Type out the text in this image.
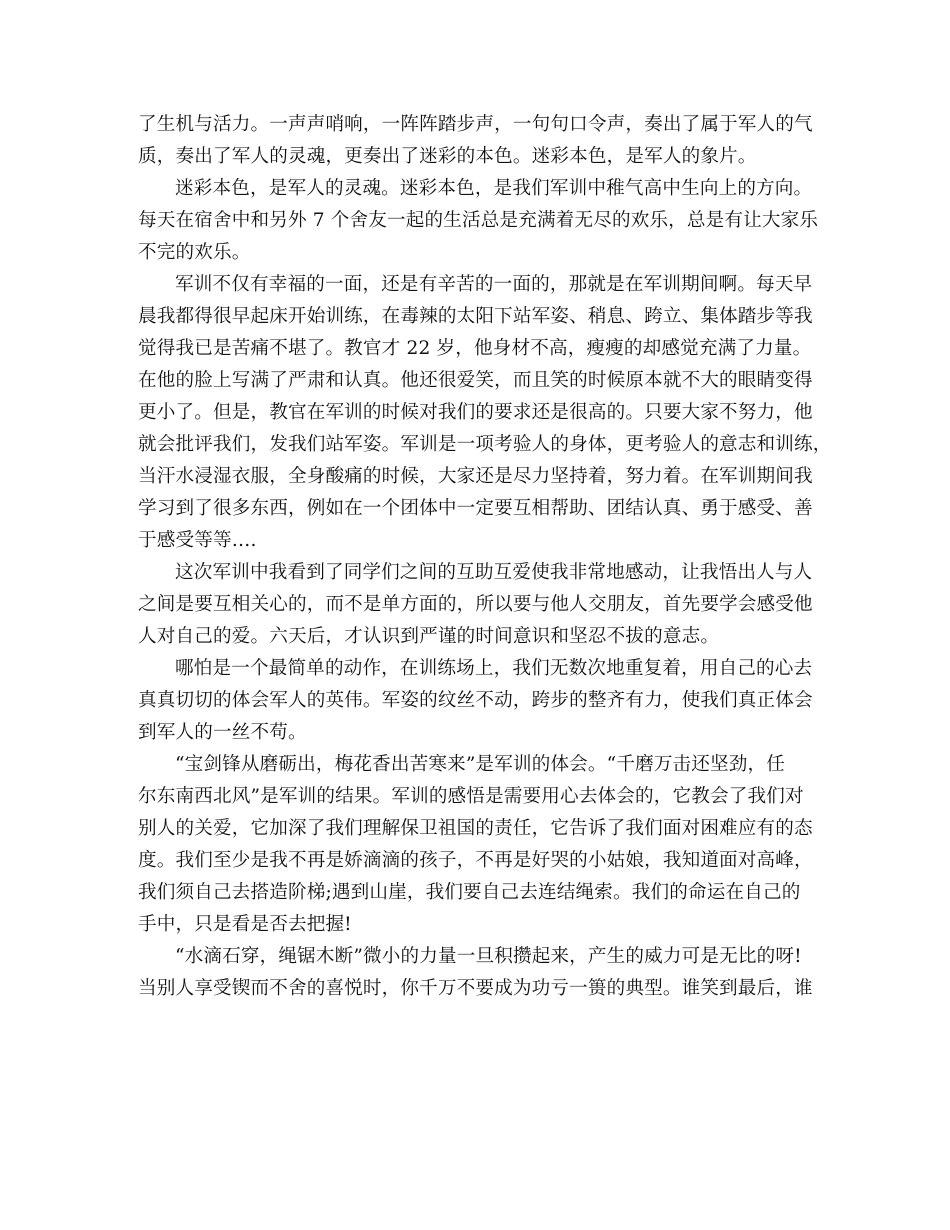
了生机与活力。一声声哨响，一阵阵踏步声，一句句口令声，奏出了属于军人的气
质，奏出了军人的灵魂，更奏出了迷彩的本色。迷彩本色，是军人的象片。
迷彩本色，是军人的灵魂。迷彩本色，是我们军训中稚气高中生向上的方向。
每天在宿舍中和另外 7 个舍友一起的生活总是充满着无尽的欢乐，总是有让大家乐
不完的欢乐。
军训不仅有幸福的一面，还是有辛苦的一面的，那就是在军训期间啊。每天早
晨我都得很早起床开始训练，在毒辣的太阳下站军姿、稍息、跨立、集体踏步等我
觉得我已是苦痛不堪了。教官才 22 岁，他身材不高，瘦瘦的却感觉充满了力量。
在他的脸上写满了严肃和认真。他还很爱笑，而且笑的时候原本就不大的眼睛变得
更小了。但是，教官在军训的时候对我们的要求还是很高的。只要大家不努力，他
就会批评我们，发我们站军姿。军训是一项考验人的身体，更考验人的意志和训练，
当汗水浸湿衣服，全身酸痛的时候，大家还是尽力坚持着，努力着。在军训期间我
学习到了很多东西，例如在一个团体中一定要互相帮助、团结认真、勇于感受、善
于感受等等….
这次军训中我看到了同学们之间的互助互爱使我非常地感动，让我悟出人与人
之间是要互相关心的，而不是单方面的，所以要与他人交朋友，首先要学会感受他
人对自己的爱。六天后，才认识到严谨的时间意识和坚忍不拔的意志。
哪怕是一个最简单的动作，在训练场上，我们无数次地重复着，用自己的心去
真真切切的体会军人的英伟。军姿的纹丝不动，跨步的整齐有力，使我们真正体会
到军人的一丝不苟。
“宝剑锋从磨砺出，梅花香出苦寒来”是军训的体会。“千磨万击还坚劲，任
尔东南西北风”是军训的结果。军训的感悟是需要用心去体会的，它教会了我们对
别人的关爱，它加深了我们理解保卫祖国的责任，它告诉了我们面对困难应有的态
度。我们至少是我不再是娇滴滴的孩子，不再是好哭的小姑娘，我知道面对高峰，
我们须自己去搭造阶梯;遇到山崖，我们要自己去连结绳索。我们的命运在自己的
手中，只是看是否去把握!
“水滴石穿，绳锯木断”微小的力量一旦积攒起来，产生的威力可是无比的呀!
当别人享受锲而不舍的喜悦时，你千万不要成为功亏一篑的典型。谁笑到最后，谁
